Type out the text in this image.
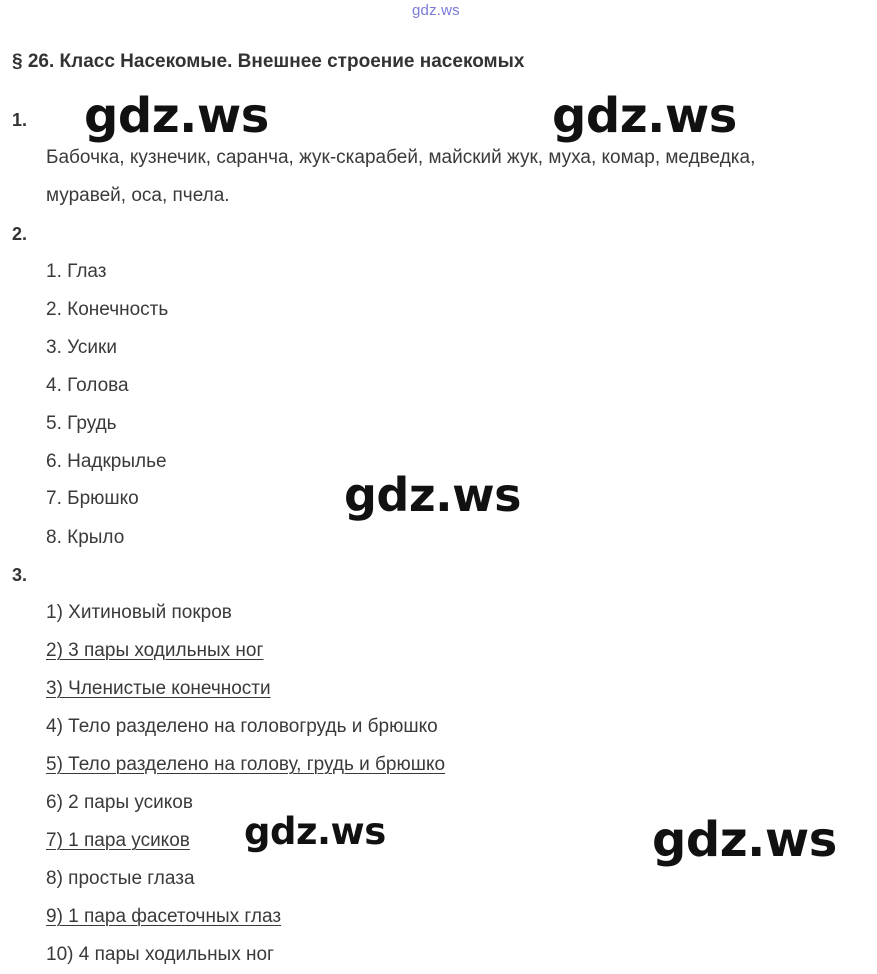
gdz.ws
§ 26. Класс Насекомые. Внешнее строение насекомых
1.
Бабочка, кузнечик, саранча, жук-скарабей, майский жук, муха, комар, медведка,
муравей, оса, пчела.
2.
1. Глаз
2. Конечность
3. Усики
4. Голова
5. Грудь
6. Надкрылье
7. Брюшко
8. Крыло
3.
1) Хитиновый покров
2) 3 пары ходильных ног
3) Членистые конечности
4) Тело разделено на головогрудь и брюшко
5) Тело разделено на голову, грудь и брюшко
6) 2 пары усиков
7) 1 пара усиков
8) простые глаза
9) 1 пара фасеточных глаз
10) 4 пары ходильных ног
gdz.ws	gdz.ws
gdz.ws
gdz.ws	gdz.ws
